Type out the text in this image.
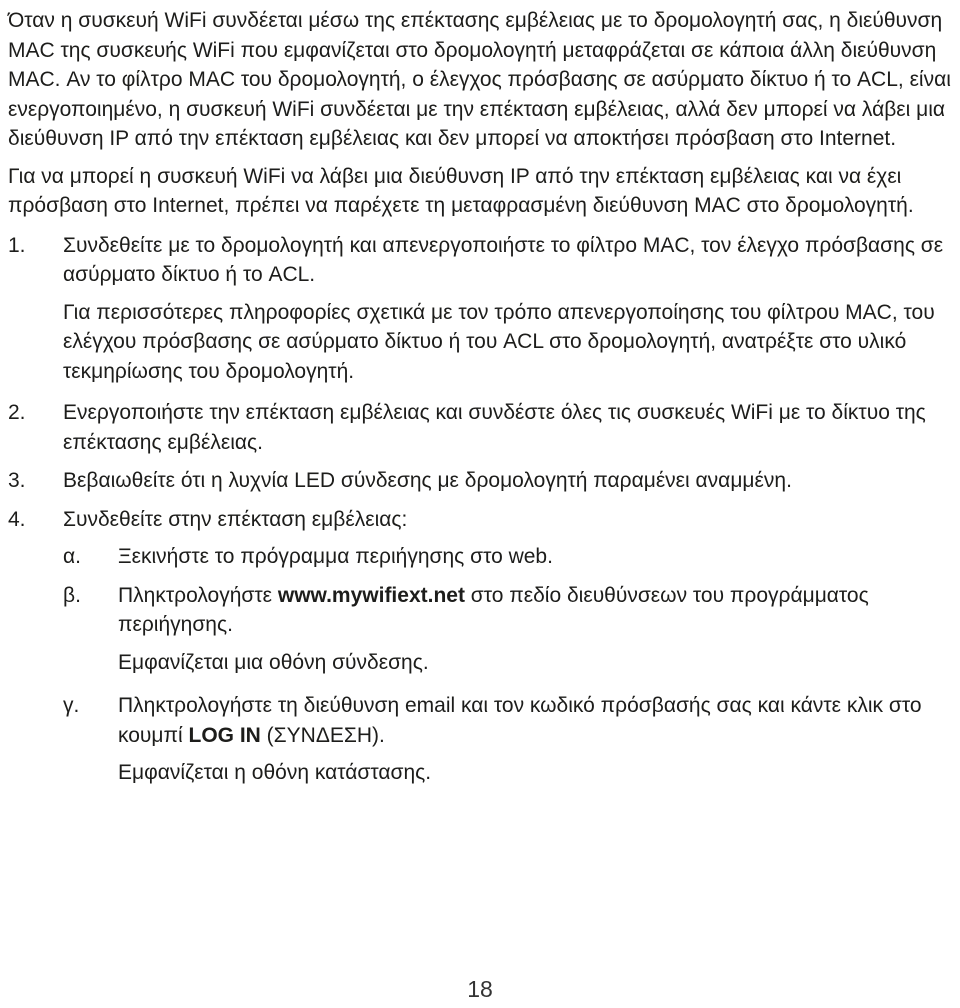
Όταν η συσκευή WiFi συνδέεται μέσω της επέκτασης εμβέλειας με το δρομολογητή σας, η διεύθυνση MAC της συσκευής WiFi που εμφανίζεται στο δρομολογητή μεταφράζεται σε κάποια άλλη διεύθυνση MAC. Αν το φίλτρο MAC του δρομολογητή, ο έλεγχος πρόσβασης σε ασύρματο δίκτυο ή το ACL, είναι ενεργοποιημένο, η συσκευή WiFi συνδέεται με την επέκταση εμβέλειας, αλλά δεν μπορεί να λάβει μια διεύθυνση IP από την επέκταση εμβέλειας και δεν μπορεί να αποκτήσει πρόσβαση στο Internet.

Για να μπορεί η συσκευή WiFi να λάβει μια διεύθυνση IP από την επέκταση εμβέλειας και να έχει πρόσβαση στο Internet, πρέπει να παρέχετε τη μεταφρασμένη διεύθυνση MAC στο δρομολογητή.

1.	Συνδεθείτε με το δρομολογητή και απενεργοποιήστε το φίλτρο MAC, τον έλεγχο πρόσβασης σε ασύρματο δίκτυο ή το ACL.

Για περισσότερες πληροφορίες σχετικά με τον τρόπο απενεργοποίησης του φίλτρου MAC, του ελέγχου πρόσβασης σε ασύρματο δίκτυο ή του ACL στο δρομολογητή, ανατρέξτε στο υλικό τεκμηρίωσης του δρομολογητή.

2.	Ενεργοποιήστε την επέκταση εμβέλειας και συνδέστε όλες τις συσκευές WiFi με το δίκτυο της επέκτασης εμβέλειας.
3.	Βεβαιωθείτε ότι η λυχνία LED σύνδεσης με δρομολογητή παραμένει αναμμένη.
4.	Συνδεθείτε στην επέκταση εμβέλειας:
α.	Ξεκινήστε το πρόγραμμα περιήγησης στο web.
β.	Πληκτρολογήστε www.mywifiext.net στο πεδίο διευθύνσεων του προγράμματος περιήγησης.

Εμφανίζεται μια οθόνη σύνδεσης.

γ.	Πληκτρολογήστε τη διεύθυνση email και τον κωδικό πρόσβασής σας και κάντε κλικ στο κουμπί LOG IN (ΣΥΝΔΕΣΗ).

Εμφανίζεται η οθόνη κατάστασης.

18
